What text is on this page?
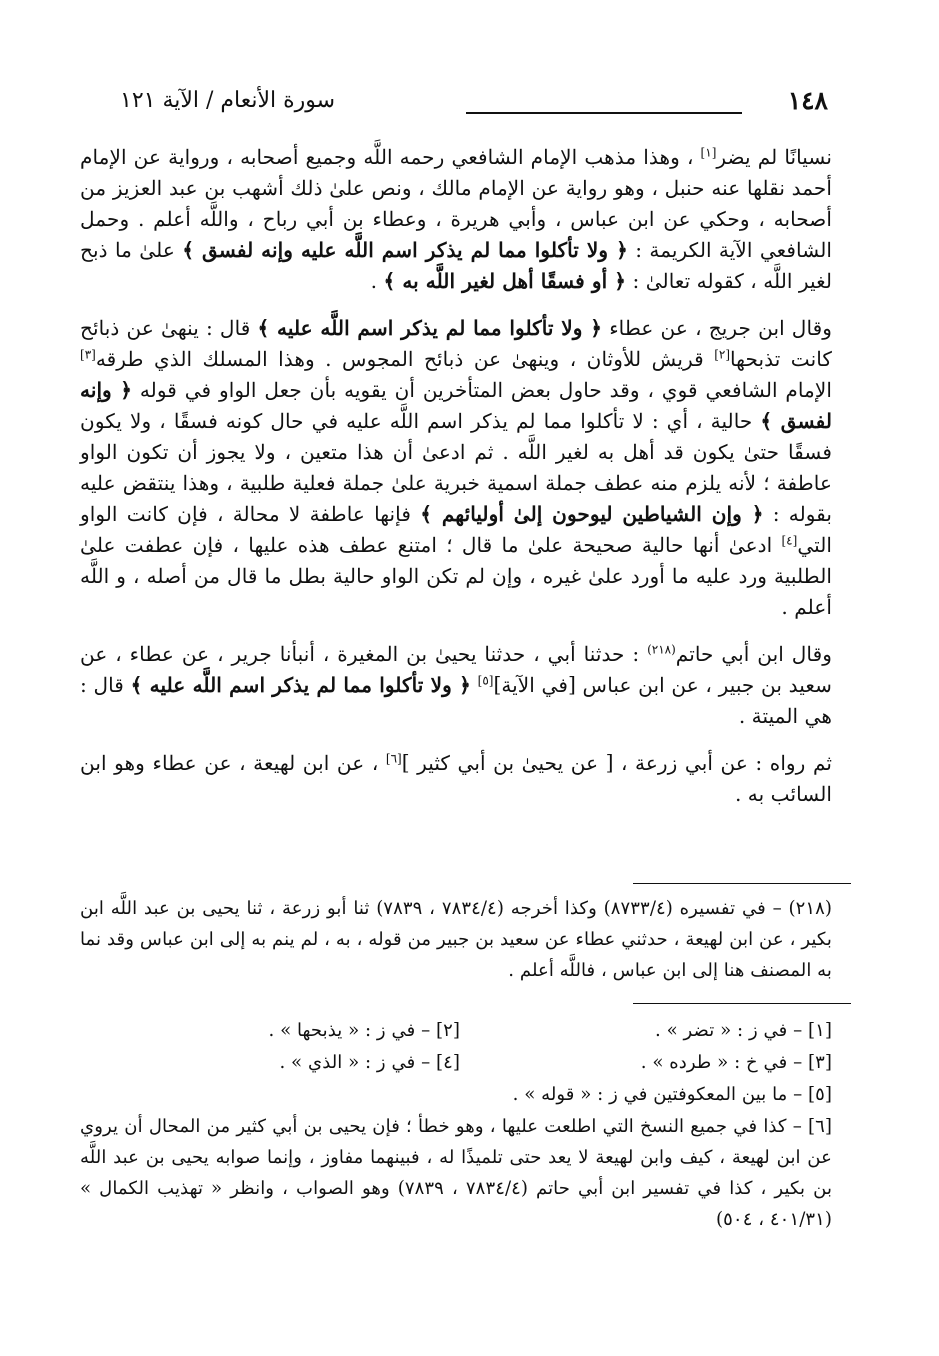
١٤٨
سورة الأنعام / الآية ١٢١

نسيانًا لم يضر[١] ، وهذا مذهب الإمام الشافعي رحمه اللَّه وجميع أصحابه ، ورواية عن الإمام أحمد نقلها عنه حنبل ، وهو رواية عن الإمام مالك ، ونص علىٰ ذلك أشهب بن عبد العزيز من أصحابه ، وحكي عن ابن عباس ، وأبي هريرة ، وعطاء بن أبي رباح ، واللَّه أعلم . وحمل الشافعي الآية الكريمة : ﴿ ولا تأكلوا مما لم يذكر اسم اللَّه عليه وإنه لفسق ﴾ علىٰ ما ذبح لغير اللَّه ، كقوله تعالىٰ : ﴿ أو فسقًا أهل لغير اللَّه به ﴾ .

وقال ابن جريج ، عن عطاء ﴿ ولا تأكلوا مما لم يذكر اسم اللَّه عليه ﴾ قال : ينهىٰ عن ذبائح كانت تذبحها[٢] قريش للأوثان ، وينهىٰ عن ذبائح المجوس . وهذا المسلك الذي طرقه[٣] الإمام الشافعي قوي ، وقد حاول بعض المتأخرين أن يقويه بأن جعل الواو في قوله ﴿ وإنه لفسق ﴾ حالية ، أي : لا تأكلوا مما لم يذكر اسم اللَّه عليه في حال كونه فسقًا ، ولا يكون فسقًا حتىٰ يكون قد أهل به لغير اللَّه . ثم ادعىٰ أن هذا متعين ، ولا يجوز أن تكون الواو عاطفة ؛ لأنه يلزم منه عطف جملة اسمية خبرية علىٰ جملة فعلية طلبية ، وهذا ينتقض عليه بقوله : ﴿ وإن الشياطين ليوحون إلىٰ أوليائهم ﴾ فإنها عاطفة لا محالة ، فإن كانت الواو التي[٤] ادعىٰ أنها حالية صحيحة علىٰ ما قال ؛ امتنع عطف هذه عليها ، فإن عطفت علىٰ الطلبية ورد عليه ما أورد علىٰ غيره ، وإن لم تكن الواو حالية بطل ما قال من أصله ، و اللَّه أعلم .

وقال ابن أبي حاتم$^{(٢١٨)}$ : حدثنا أبي ، حدثنا يحيىٰ بن المغيرة ، أنبأنا جرير ، عن عطاء ، عن سعيد بن جبير ، عن ابن عباس [في الآية][٥] ﴿ ولا تأكلوا مما لم يذكر اسم اللَّه عليه ﴾ قال : هي الميتة .

ثم رواه : عن أبي زرعة ، [ عن يحيىٰ بن أبي كثير ][٦] ، عن ابن لهيعة ، عن عطاء وهو ابن السائب به .

(٢١٨) – في تفسيره (٨٧٣٣/٤) وكذا أخرجه (٧٨٣٤/٤ ، ٧٨٣٩) ثنا أبو زرعة ، ثنا يحيى بن عبد اللَّه ابن بكير ، عن ابن لهيعة ، حدثني عطاء عن سعيد بن جبير من قوله ، به ، لم ينم به إلى ابن عباس وقد نما به المصنف هنا إلى ابن عباس ، فاللَّه أعلم .

[١] – في ز : « تضر » .
[٢] – في ز : « يذبحها » .
[٣] – في خ : « طرده » .
[٤] – في ز : « الذي » .
[٥] – ما بين المعكوفتين في ز : « قوله » .

[٦] – كذا في جميع النسخ التي اطلعت عليها ، وهو خطأ ؛ فإن يحيى بن أبي كثير من المحال أن يروي عن ابن لهيعة ، كيف وابن لهيعة لا يعد حتى تلميذًا له ، فبينهما مفاوز ، وإنما صوابه يحيى بن عبد اللَّه بن بكير ، كذا في تفسير ابن أبي حاتم (٧٨٣٤/٤ ، ٧٨٣٩) وهو الصواب ، وانظر « تهذيب الكمال » (٤٠١/٣١ ، ٥٠٤)
